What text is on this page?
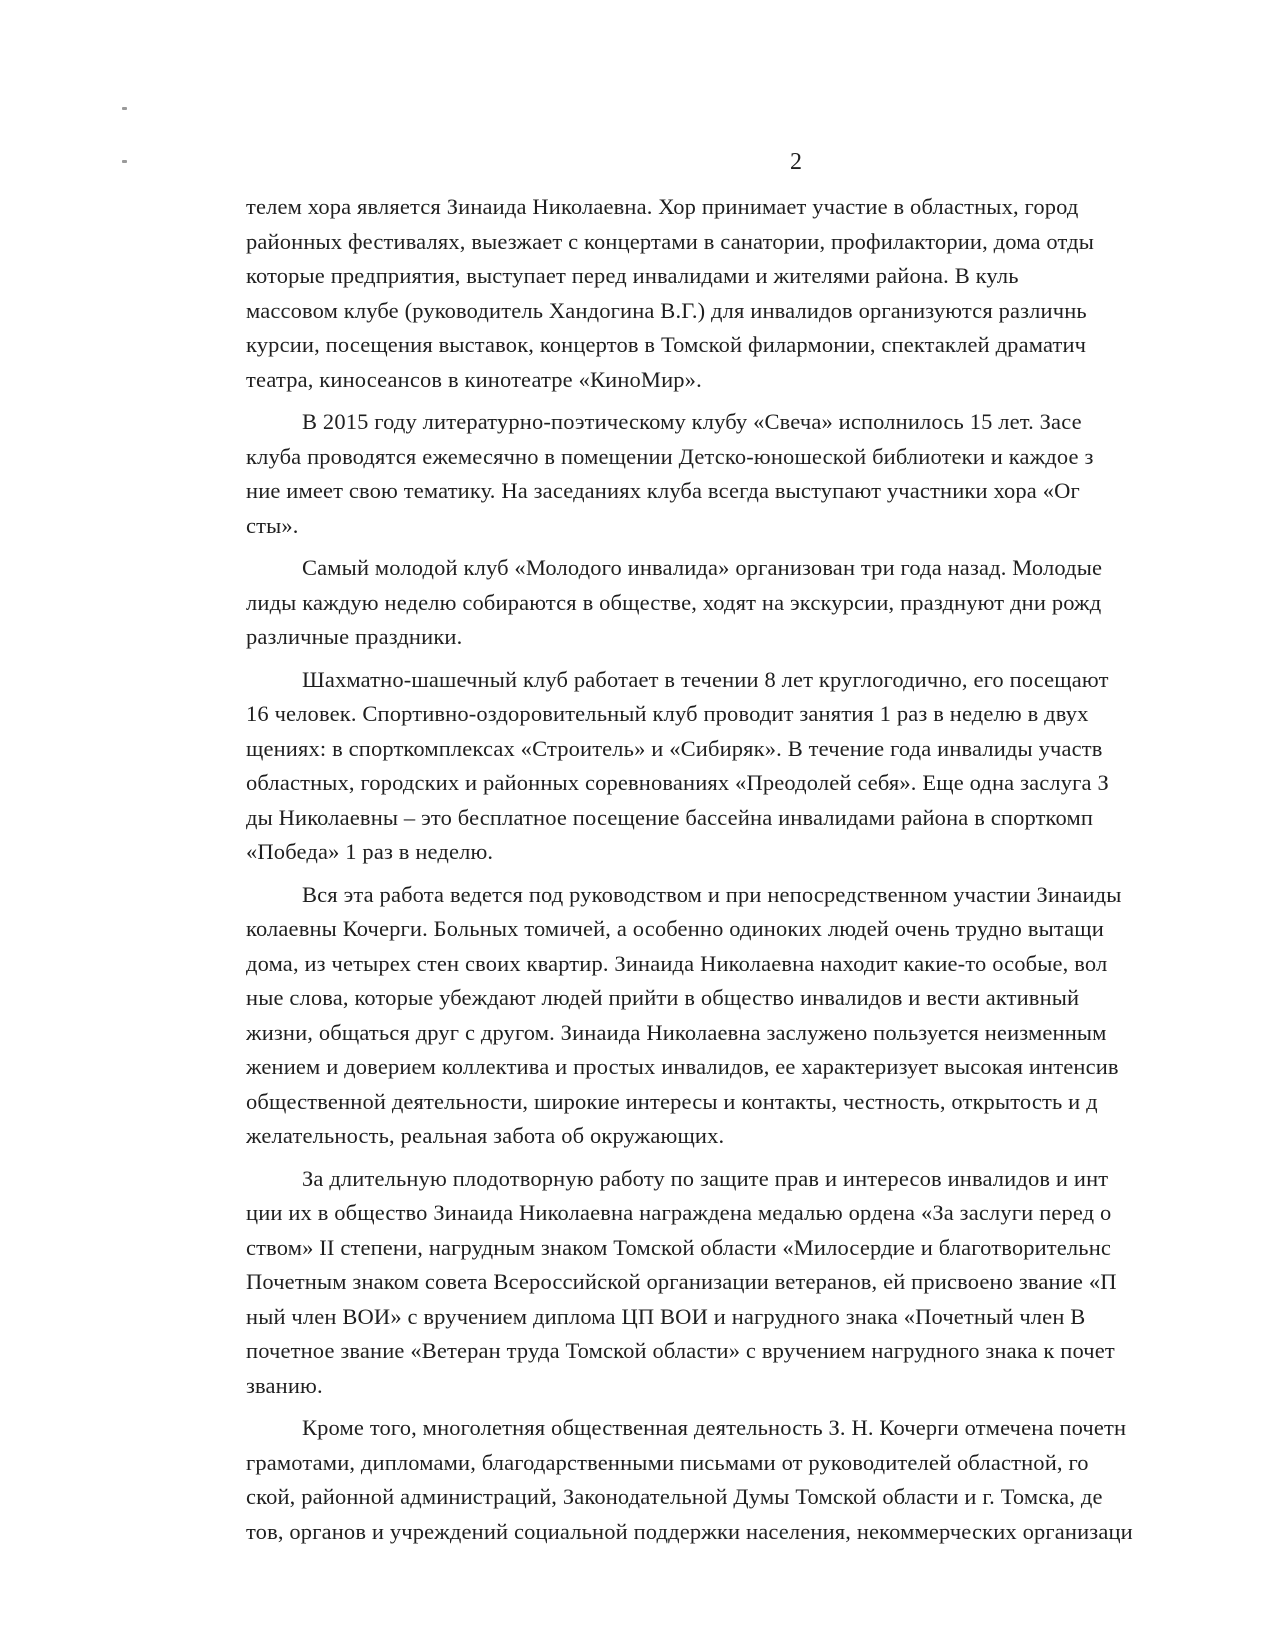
2

телем хора является Зинаида Николаевна. Хор принимает участие в областных, город
районных фестивалях, выезжает с концертами в санатории, профилактории, дома отды
которые предприятия, выступает перед инвалидами и жителями района. В куль
массовом клубе (руководитель Хандогина В.Г.) для инвалидов организуются различнь
курсии, посещения выставок, концертов в Томской филармонии, спектаклей драматич
театра, киносеансов в кинотеатре «КиноМир».

В 2015 году литературно-поэтическому клубу «Свеча» исполнилось 15 лет. Засе
клуба проводятся ежемесячно в помещении Детско-юношеской библиотеки и каждое з
ние имеет свою тематику. На заседаниях клуба всегда выступают участники хора «Ог
сты».

Самый молодой клуб «Молодого инвалида» организован три года назад. Молодые
лиды каждую неделю собираются в обществе, ходят на экскурсии, празднуют дни рожд
различные праздники.

Шахматно-шашечный клуб работает в течении 8 лет круглогодично, его посещают
16 человек. Спортивно-оздоровительный клуб проводит занятия 1 раз в неделю в двух
щениях: в спорткомплексах «Строитель» и «Сибиряк». В течение года инвалиды участв
областных, городских и районных соревнованиях «Преодолей себя». Еще одна заслуга З
ды Николаевны – это бесплатное посещение бассейна инвалидами района в спорткомп
«Победа» 1 раз в неделю.

Вся эта работа ведется под руководством и при непосредственном участии Зинаиды
колаевны Кочерги. Больных томичей, а особенно одиноких людей очень трудно вытащи
дома, из четырех стен своих квартир. Зинаида Николаевна находит какие-то особые, вол
ные слова, которые убеждают людей прийти в общество инвалидов и вести активный
жизни, общаться друг с другом. Зинаида Николаевна заслужено пользуется неизменным
жением и доверием коллектива и простых инвалидов, ее характеризует высокая интенсив
общественной деятельности, широкие интересы и контакты, честность, открытость и д
желательность, реальная забота об окружающих.

За длительную плодотворную работу по защите прав и интересов инвалидов и инт
ции их в общество Зинаида Николаевна награждена медалью ордена «За заслуги перед о
ством» II степени, нагрудным знаком Томской области «Милосердие и благотворительнс
Почетным знаком совета Всероссийской организации ветеранов, ей присвоено звание «П
ный член ВОИ» с вручением диплома ЦП ВОИ и нагрудного знака «Почетный член В
почетное звание «Ветеран труда Томской области» с вручением нагрудного знака к почет
званию.

Кроме того, многолетняя общественная деятельность З. Н. Кочерги отмечена почетн
грамотами, дипломами, благодарственными письмами от руководителей областной, го
ской, районной администраций, Законодательной Думы Томской области и г. Томска, де
тов, органов и учреждений социальной поддержки населения, некоммерческих организаци
